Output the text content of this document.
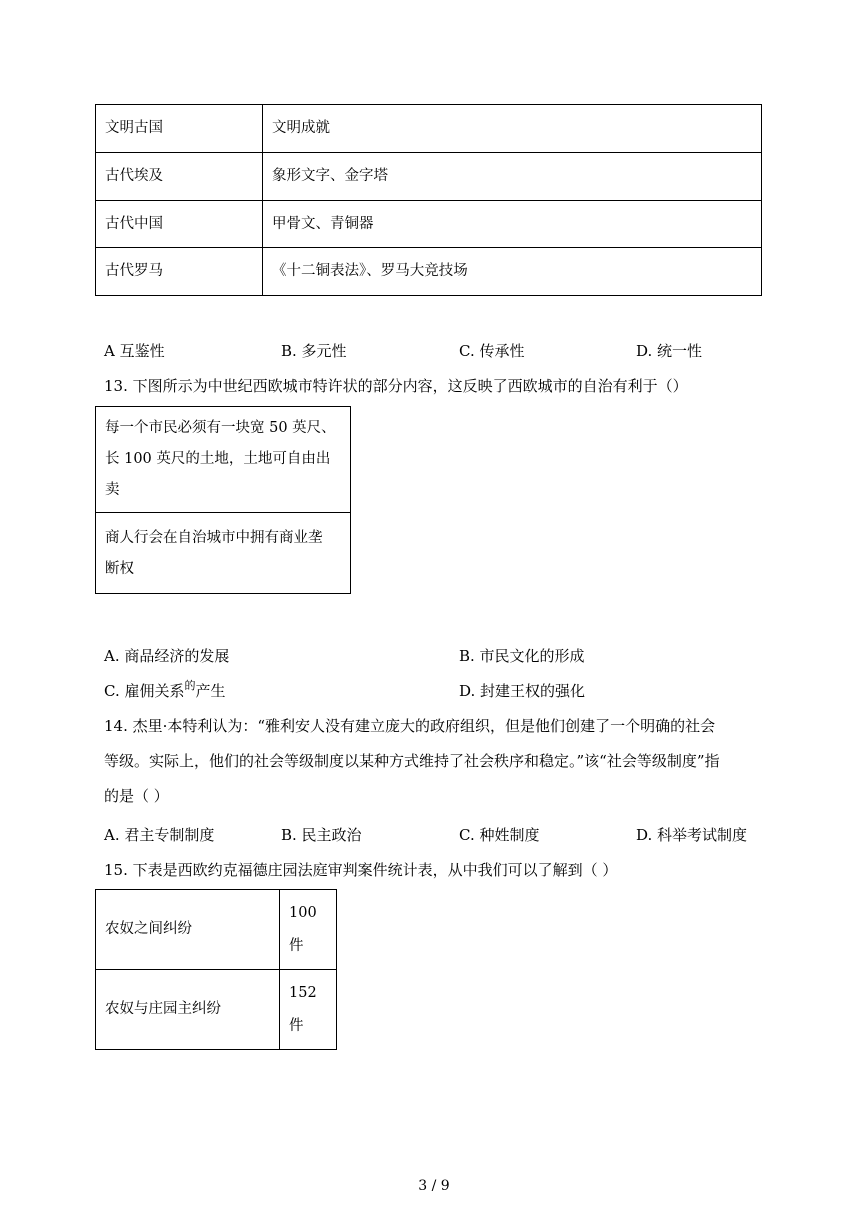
文明古国	文明成就
古代埃及	象形文字、金字塔
古代中国	甲骨文、青铜器
古代罗马	《十二铜表法》、罗马大竞技场
A 互鉴性	B. 多元性	C. 传承性	D. 统一性
13. 下图所示为中世纪西欧城市特许状的部分内容，这反映了西欧城市的自治有利于（）
每一个市民必须有一块宽 50 英尺、
长 100 英尺的土地，土地可自由出
卖

商人行会在自治城市中拥有商业垄
断权
A. 商品经济的发展	B. 市民文化的形成
C. 雇佣关系$^的$产生	D. 封建王权的强化
14. 杰里·本特利认为：“雅利安人没有建立庞大的政府组织，但是他们创建了一个明确的社会
等级。实际上，他们的社会等级制度以某种方式维持了社会秩序和稳定。”该“社会等级制度”指
的是（ ）
A. 君主专制制度	B. 民主政治	C. 种姓制度	D. 科举考试制度
15. 下表是西欧约克福德庄园法庭审判案件统计表，从中我们可以了解到（ ）
农奴之间纠纷	100
件

农奴与庄园主纠纷	152
件
3 / 9
